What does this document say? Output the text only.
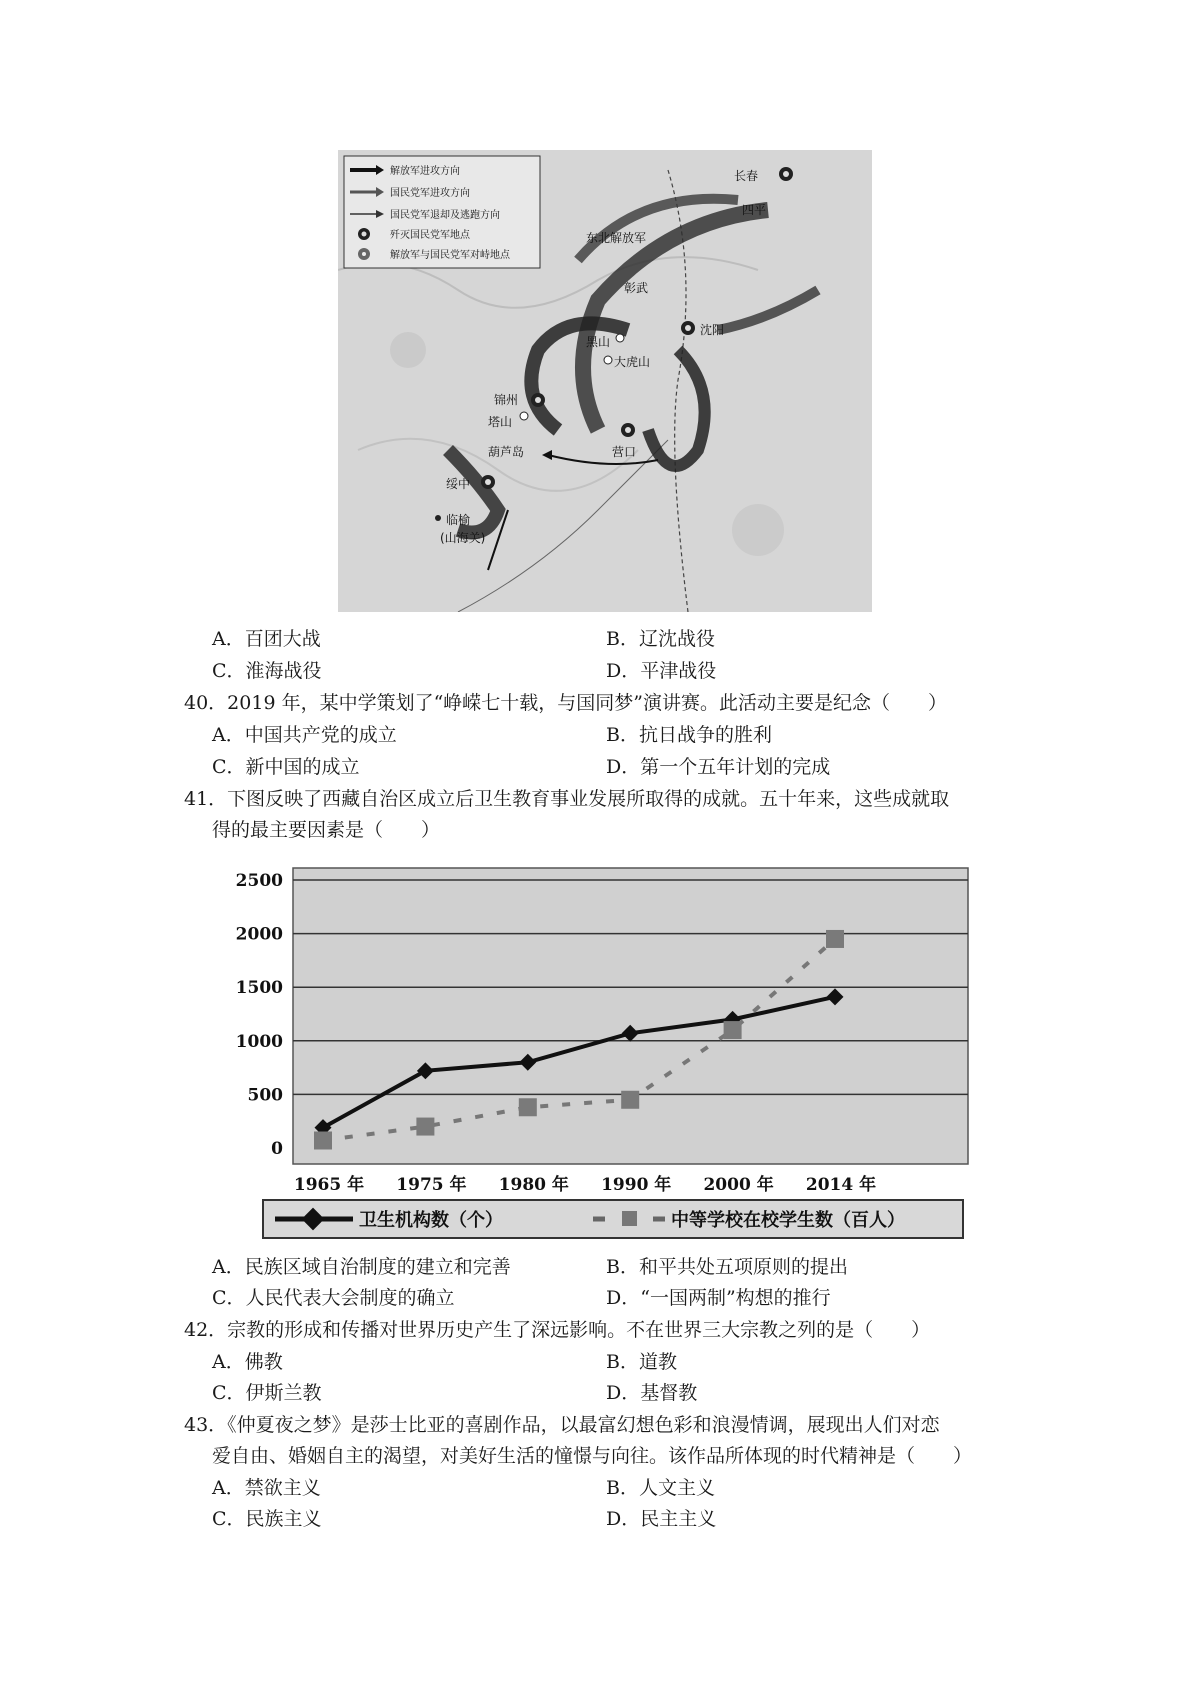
解放军进攻方向
国民党军进攻方向
国民党军退却及逃跑方向
歼灭国民党军地点
解放军与国民党军对峙地点
长春
四平
东北解放军
彰武
沈阳
黑山
大虎山
锦州
塔山
葫芦岛	营口
绥中
临榆
(山海关)
A．百团大战	B．辽沈战役
C．淮海战役	D．平津战役
40．2019 年，某中学策划了“峥嵘七十载，与国同梦”演讲赛。此活动主要是纪念（　　）
A．中国共产党的成立	B．抗日战争的胜利
C．新中国的成立	D．第一个五年计划的完成
41．下图反映了西藏自治区成立后卫生教育事业发展所取得的成就。五十年来，这些成就取
得的最主要因素是（　　）
0
500
1000
1500
2000
2500
1965 年 1975 年 1980 年 1990 年 2000 年 2014 年
卫生机构数（个）	中等学校在校学生数（百人）
A．民族区域自治制度的建立和完善	B．和平共处五项原则的提出
C．人民代表大会制度的确立	D．“一国两制”构想的推行
42．宗教的形成和传播对世界历史产生了深远影响。不在世界三大宗教之列的是（　　）
A．佛教	B．道教
C．伊斯兰教	D．基督教
43．《仲夏夜之梦》是莎士比亚的喜剧作品，以最富幻想色彩和浪漫情调，展现出人们对恋
爱自由、婚姻自主的渴望，对美好生活的憧憬与向往。该作品所体现的时代精神是（　　）
A．禁欲主义	B．人文主义
C．民族主义	D．民主主义
